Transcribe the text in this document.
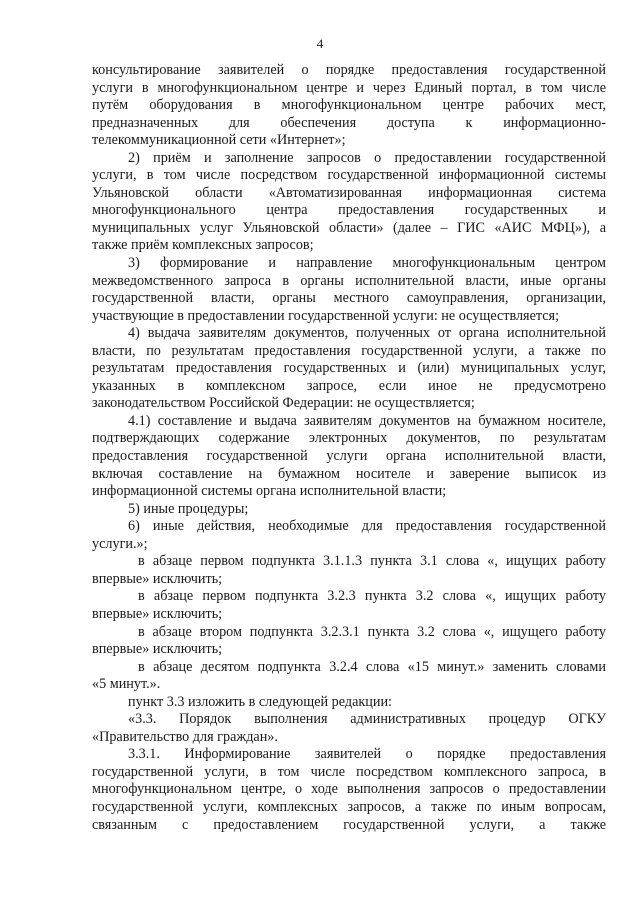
4
консультирование заявителей о порядке предоставления государственной
услуги в многофункциональном центре и через Единый портал, в том числе
путём оборудования в многофункциональном центре рабочих мест,
предназначенных для обеспечения доступа к информационно-
телекоммуникационной сети «Интернет»;
2) приём и заполнение запросов о предоставлении государственной
услуги, в том числе посредством государственной информационной системы
Ульяновской области «Автоматизированная информационная система
многофункционального центра предоставления государственных и
муниципальных услуг Ульяновской области» (далее – ГИС «АИС МФЦ»), а
также приём комплексных запросов;
3) формирование и направление многофункциональным центром
межведомственного запроса в органы исполнительной власти, иные органы
государственной власти, органы местного самоуправления, организации,
участвующие в предоставлении государственной услуги: не осуществляется;
4) выдача заявителям документов, полученных от органа исполнительной
власти, по результатам предоставления государственной услуги, а также по
результатам предоставления государственных и (или) муниципальных услуг,
указанных в комплексном запросе, если иное не предусмотрено
законодательством Российской Федерации: не осуществляется;
4.1) составление и выдача заявителям документов на бумажном носителе,
подтверждающих содержание электронных документов, по результатам
предоставления государственной услуги органа исполнительной власти,
включая составление на бумажном носителе и заверение выписок из
информационной системы органа исполнительной власти;
5) иные процедуры;
6) иные действия, необходимые для предоставления государственной
услуги.»;
в абзаце первом подпункта 3.1.1.3 пункта 3.1 слова «, ищущих работу
впервые» исключить;
в абзаце первом подпункта 3.2.3 пункта 3.2 слова «, ищущих работу
впервые» исключить;
в абзаце втором подпункта 3.2.3.1 пункта 3.2 слова «, ищущего работу
впервые» исключить;
в абзаце десятом подпункта 3.2.4 слова «15 минут.» заменить словами
«5 минут.».
пункт 3.3 изложить в следующей редакции:
«3.3. Порядок выполнения административных процедур ОГКУ
«Правительство для граждан».
3.3.1. Информирование заявителей о порядке предоставления
государственной услуги, в том числе посредством комплексного запроса, в
многофункциональном центре, о ходе выполнения запросов о предоставлении
государственной услуги, комплексных запросов, а также по иным вопросам,
связанным с предоставлением государственной услуги, а также
